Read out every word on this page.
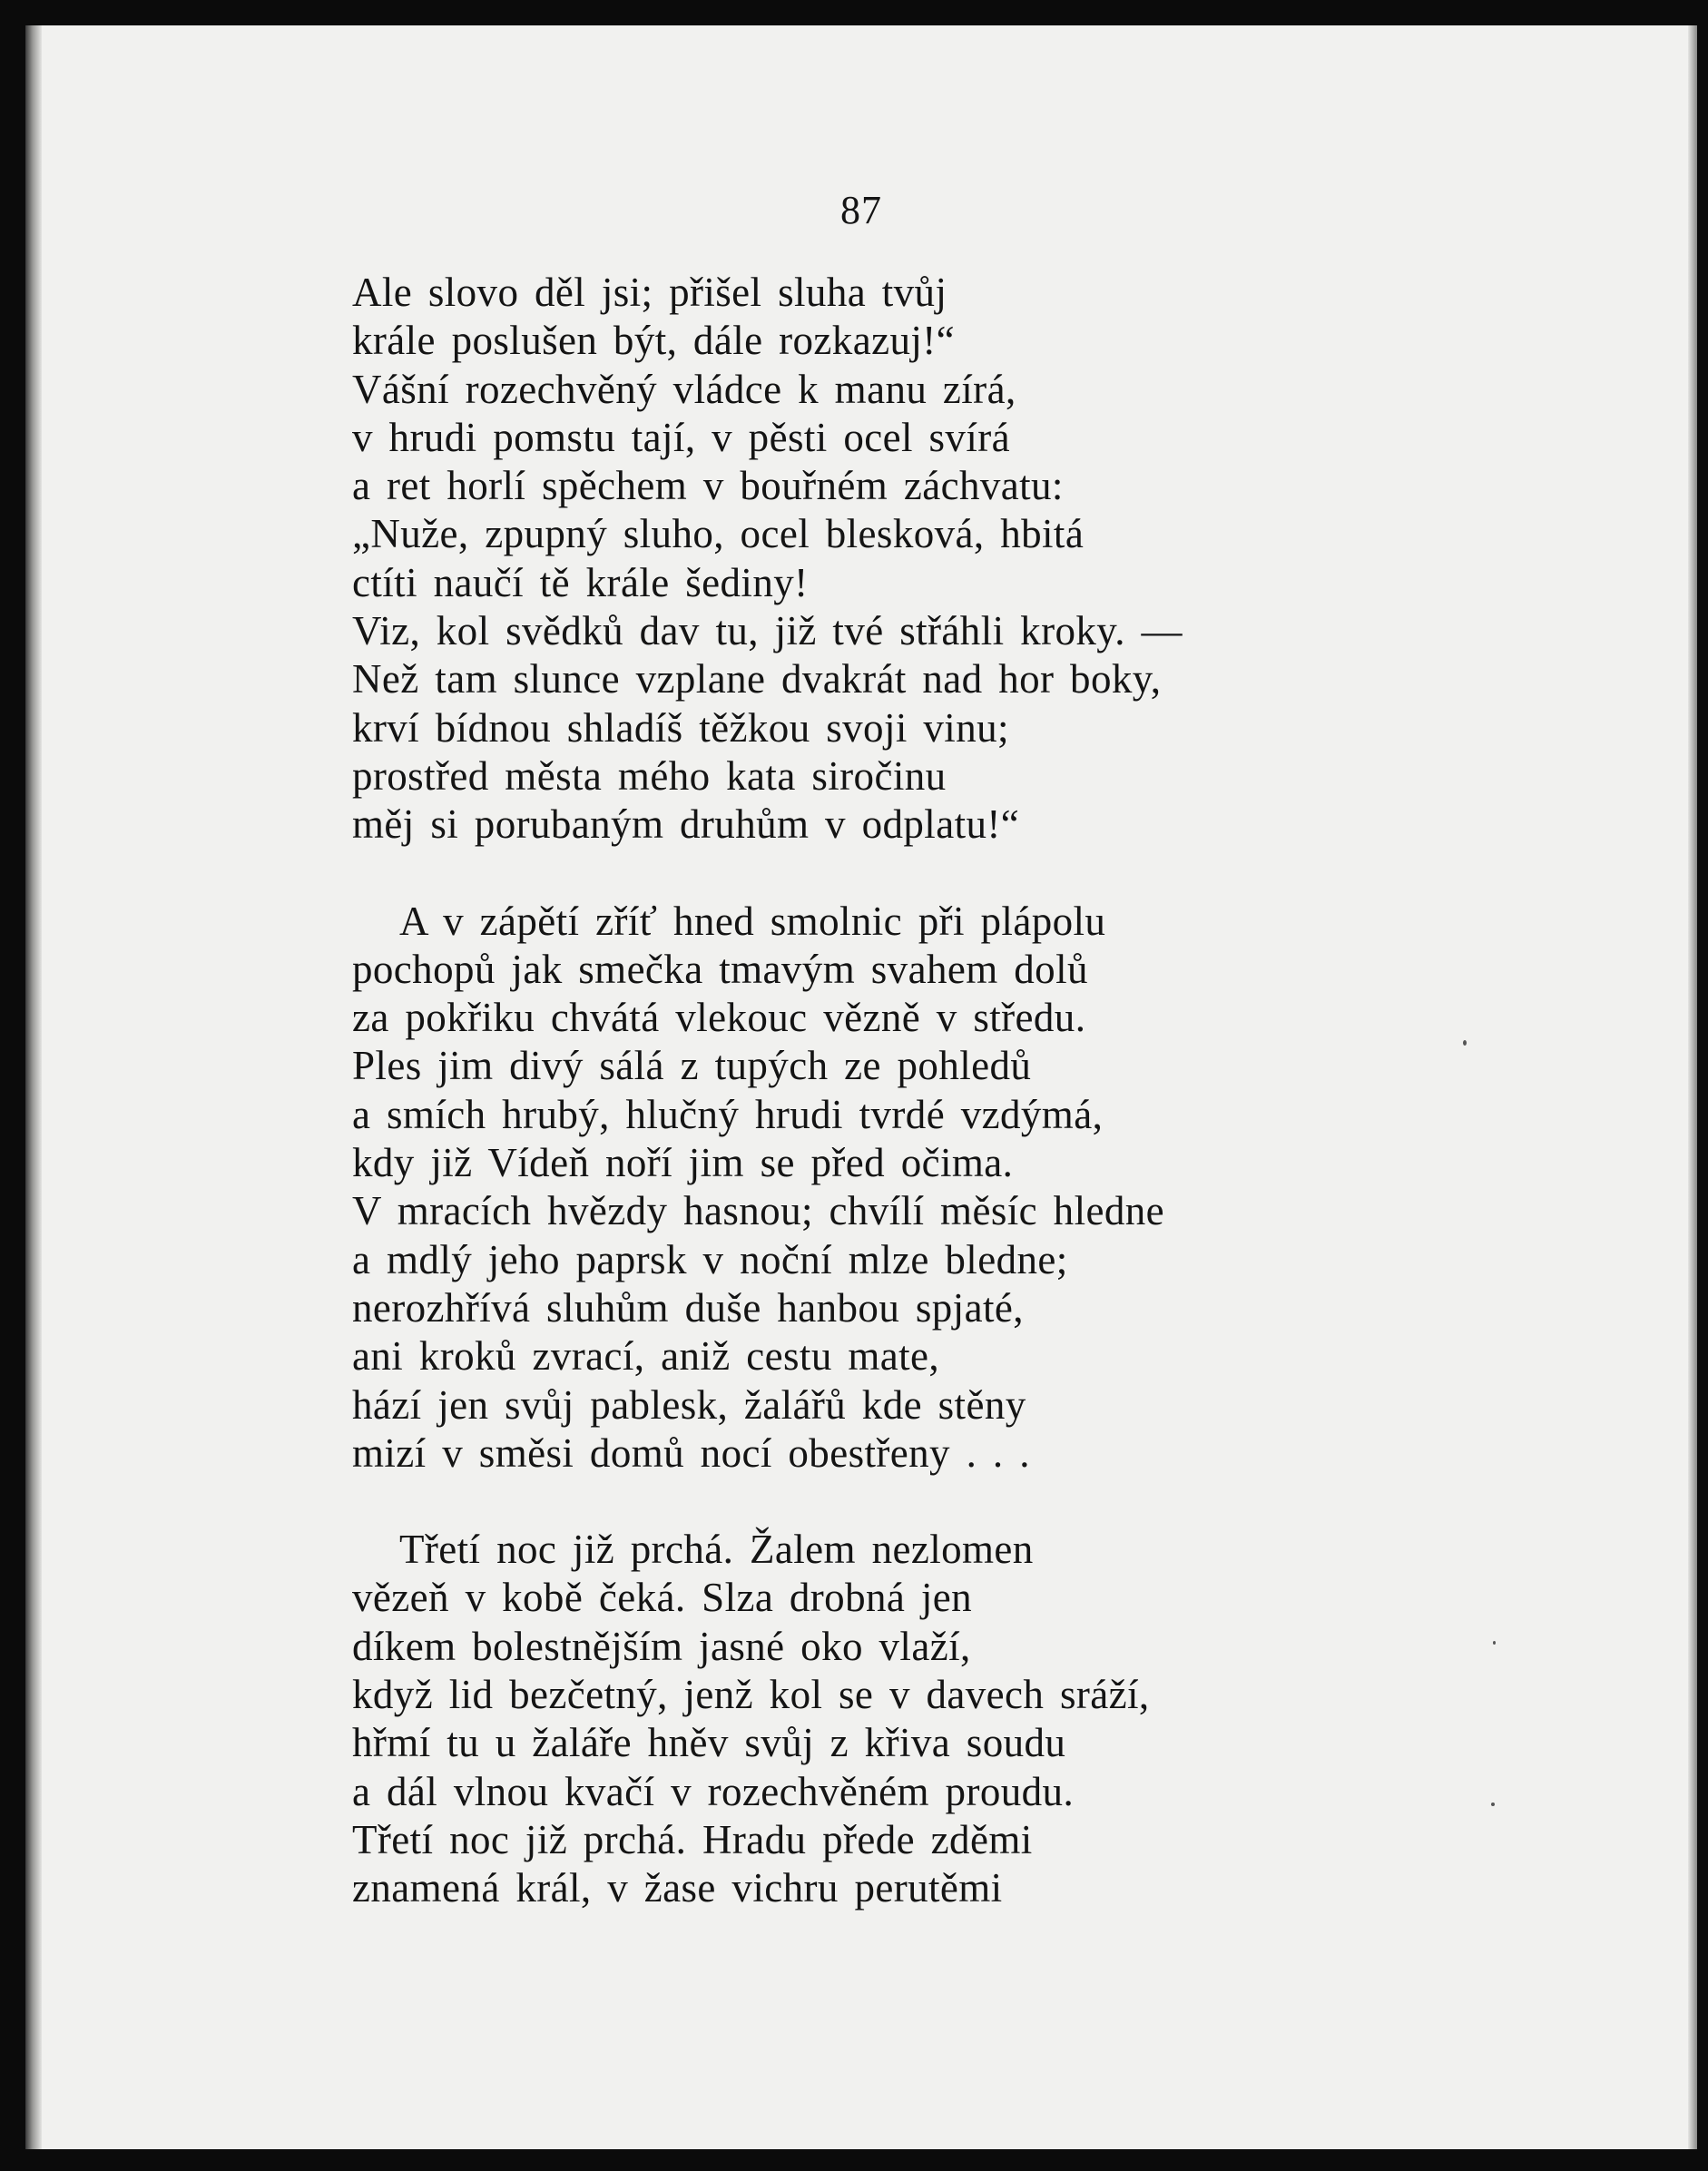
87
Ale slovo děl jsi; přišel sluha tvůj
krále poslušen být, dále rozkazuj!“
Vášní rozechvěný vládce k manu zírá,
v hrudi pomstu tají, v pěsti ocel svírá
a ret horlí spěchem v bouřném záchvatu:
„Nuže, zpupný sluho, ocel blesková, hbitá
ctíti naučí tě krále šediny!
Viz, kol svědků dav tu, již tvé střáhli kroky. —
Než tam slunce vzplane dvakrát nad hor boky,
krví bídnou shladíš těžkou svoji vinu;
prostřed města mého kata siročinu
měj si porubaným druhům v odplatu!“
A v zápětí zříť hned smolnic při plápolu
pochopů jak smečka tmavým svahem dolů
za pokřiku chvátá vlekouc vězně v středu.
Ples jim divý sálá z tupých ze pohledů
a smích hrubý, hlučný hrudi tvrdé vzdýmá,
kdy již Vídeň noří jim se před očima.
V mracích hvězdy hasnou; chvílí měsíc hledne
a mdlý jeho paprsk v noční mlze bledne;
nerozhřívá sluhům duše hanbou spjaté,
ani kroků zvrací, aniž cestu mate,
hází jen svůj pablesk, žalářů kde stěny
mizí v směsi domů nocí obestřeny . . .
Třetí noc již prchá. Žalem nezlomen
vězeň v kobě čeká. Slza drobná jen
díkem bolestnějším jasné oko vlaží,
když lid bezčetný, jenž kol se v davech sráží,
hřmí tu u žaláře hněv svůj z křiva soudu
a dál vlnou kvačí v rozechvěném proudu.
Třetí noc již prchá. Hradu přede zděmi
znamená král, v žase vichru perutěmi
